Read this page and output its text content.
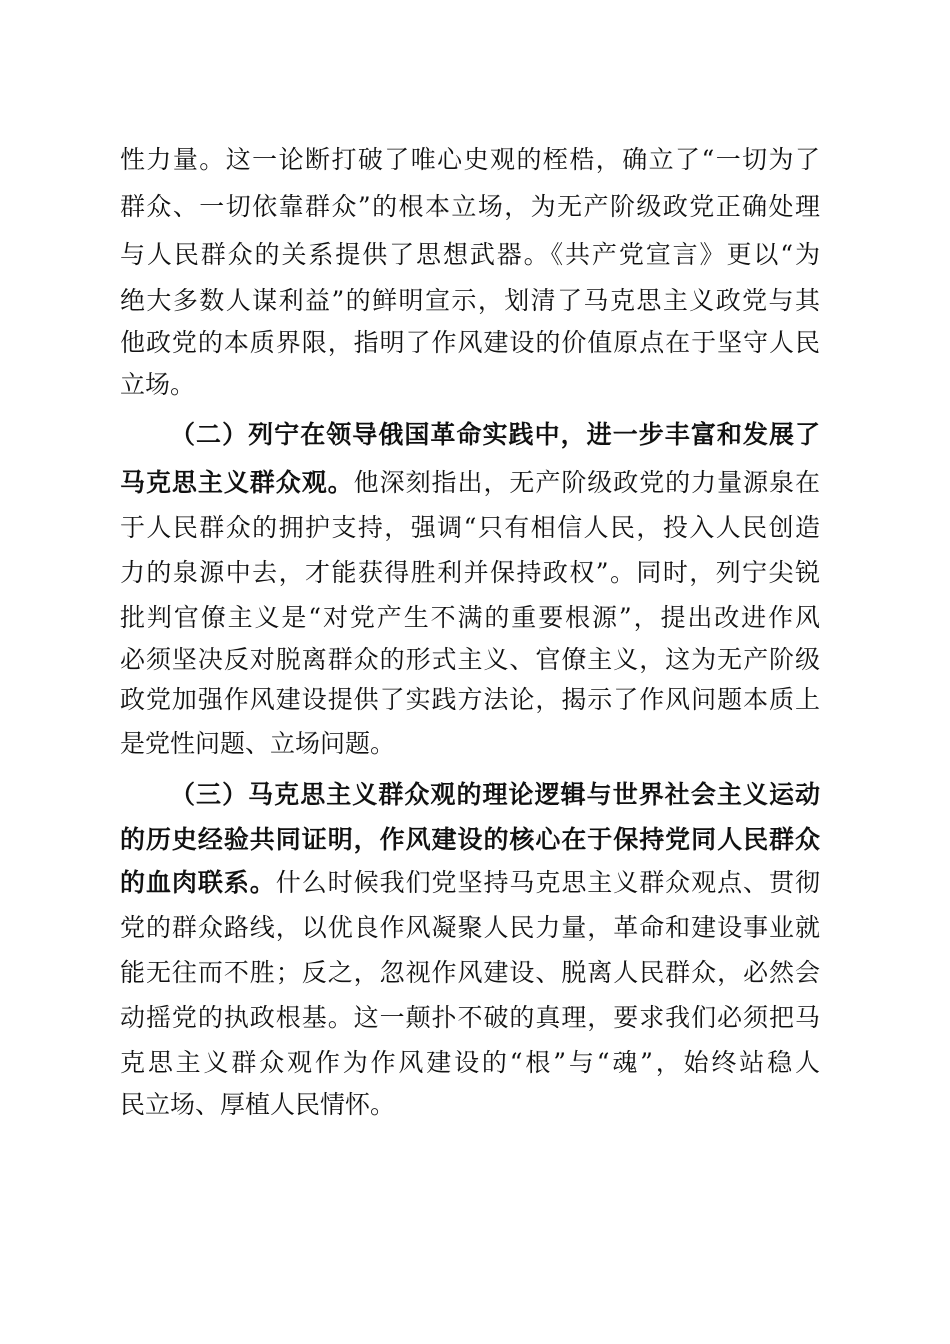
性力量。这一论断打破了唯心史观的桎梏，确立了“一切为了
群众、一切依靠群众”的根本立场，为无产阶级政党正确处理
与人民群众的关系提供了思想武器。《共产党宣言》更以“为
绝大多数人谋利益”的鲜明宣示，划清了马克思主义政党与其
他政党的本质界限，指明了作风建设的价值原点在于坚守人民
立场。
（二）列宁在领导俄国革命实践中，进一步丰富和发展了
马克思主义群众观。他深刻指出，无产阶级政党的力量源泉在
于人民群众的拥护支持，强调“只有相信人民，投入人民创造
力的泉源中去，才能获得胜利并保持政权”。同时，列宁尖锐
批判官僚主义是“对党产生不满的重要根源”，提出改进作风
必须坚决反对脱离群众的形式主义、官僚主义，这为无产阶级
政党加强作风建设提供了实践方法论，揭示了作风问题本质上
是党性问题、立场问题。
（三）马克思主义群众观的理论逻辑与世界社会主义运动
的历史经验共同证明，作风建设的核心在于保持党同人民群众
的血肉联系。什么时候我们党坚持马克思主义群众观点、贯彻
党的群众路线，以优良作风凝聚人民力量，革命和建设事业就
能无往而不胜；反之，忽视作风建设、脱离人民群众，必然会
动摇党的执政根基。这一颠扑不破的真理，要求我们必须把马
克思主义群众观作为作风建设的“根”与“魂”，始终站稳人
民立场、厚植人民情怀。
